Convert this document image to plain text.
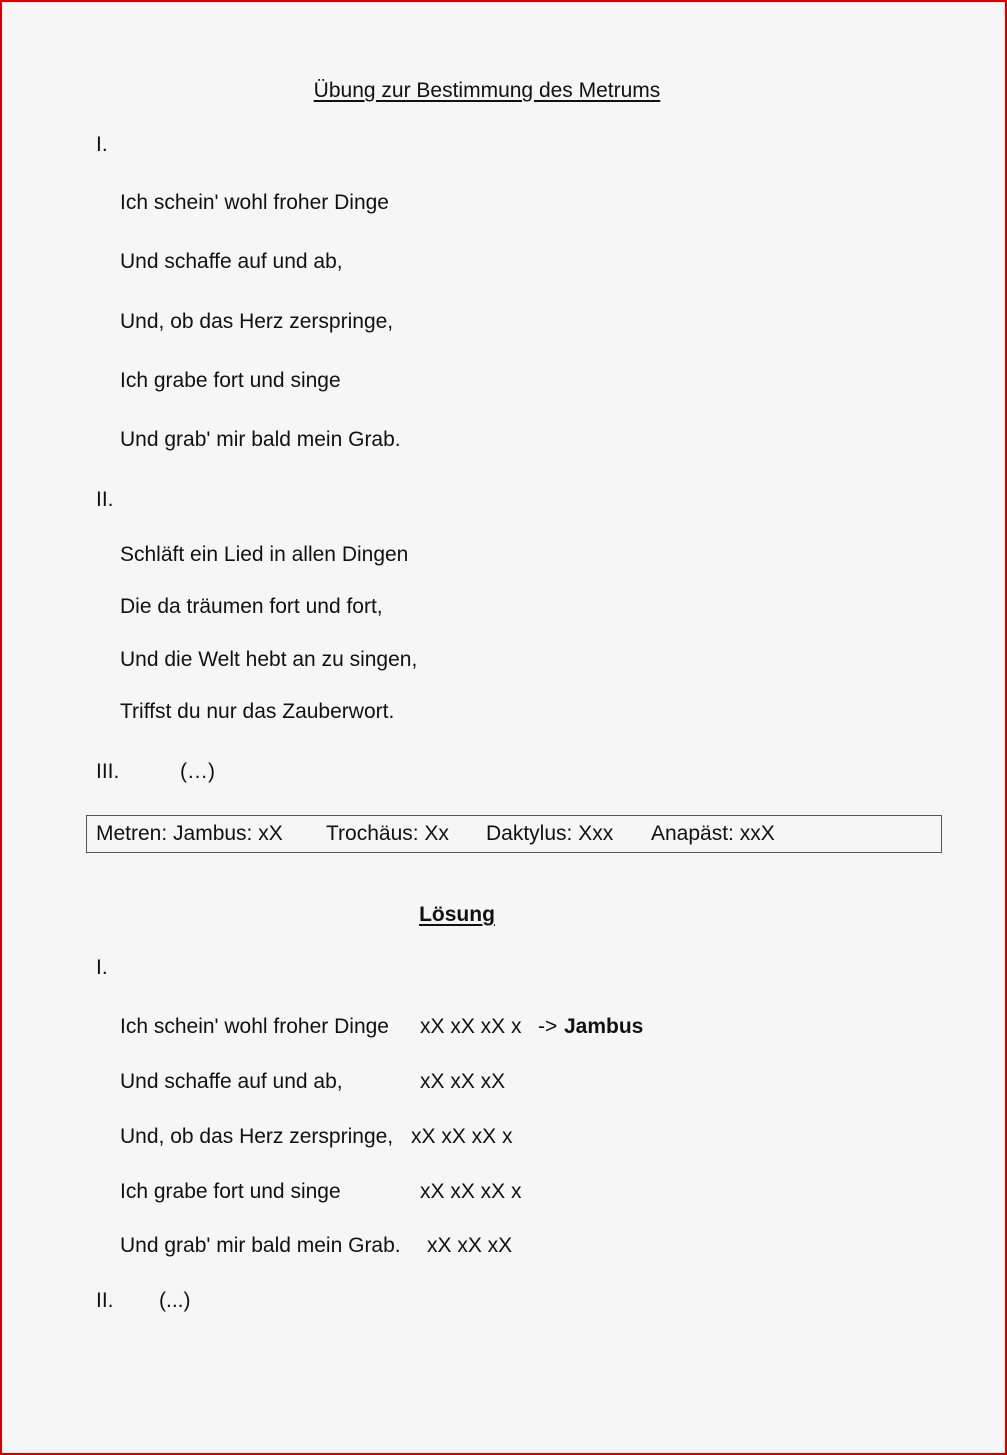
Übung zur Bestimmung des Metrums
I.
Ich schein' wohl froher Dinge
Und schaffe auf und ab,
Und, ob das Herz zerspringe,
Ich grabe fort und singe
Und grab' mir bald mein Grab.
II.
Schläft ein Lied in allen Dingen
Die da träumen fort und fort,
Und die Welt hebt an zu singen,
Triffst du nur das Zauberwort.
III.	(…)
Metren: Jambus: xX Trochäus: Xx Daktylus: Xxx Anapäst: xxX
Lösung
I.
Ich schein' wohl froher Dinge xX xX xX x -> Jambus
Und schaffe auf und ab,	xX xX xX
Und, ob das Herz zerspringe, xX xX xX x
Ich grabe fort und singe	xX xX xX x
Und grab' mir bald mein Grab. xX xX xX
II. (...)
